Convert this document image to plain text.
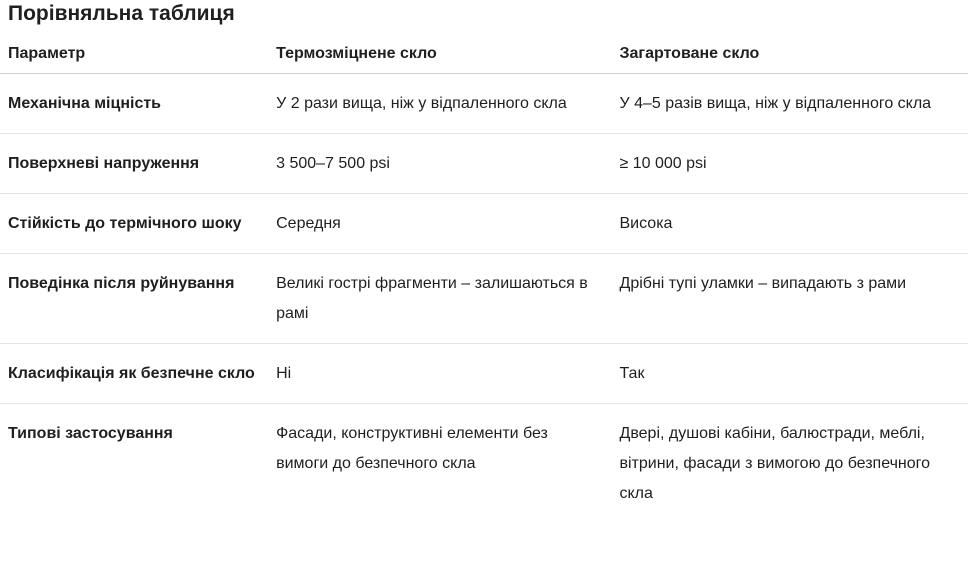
Порівняльна таблиця
Параметр	Термозміцнене скло	Загартоване скло
Механічна міцність	У 2 рази вища, ніж у відпаленного скла	У 4–5 разів вища, ніж у відпаленного скла
Поверхневі напруження	3 500–7 500 psi	≥ 10 000 psi
Стійкість до термічного шоку	Середня	Висока
Поведінка після руйнування	Великі гострі фрагменти – залишаються в рамі	Дрібні тупі уламки – випадають з рами
Класифікація як безпечне скло	Ні	Так
Типові застосування	Фасади, конструктивні елементи без вимоги до безпечного скла	Двері, душові кабіни, балюстради, меблі, вітрини, фасади з вимогою до безпечного скла
